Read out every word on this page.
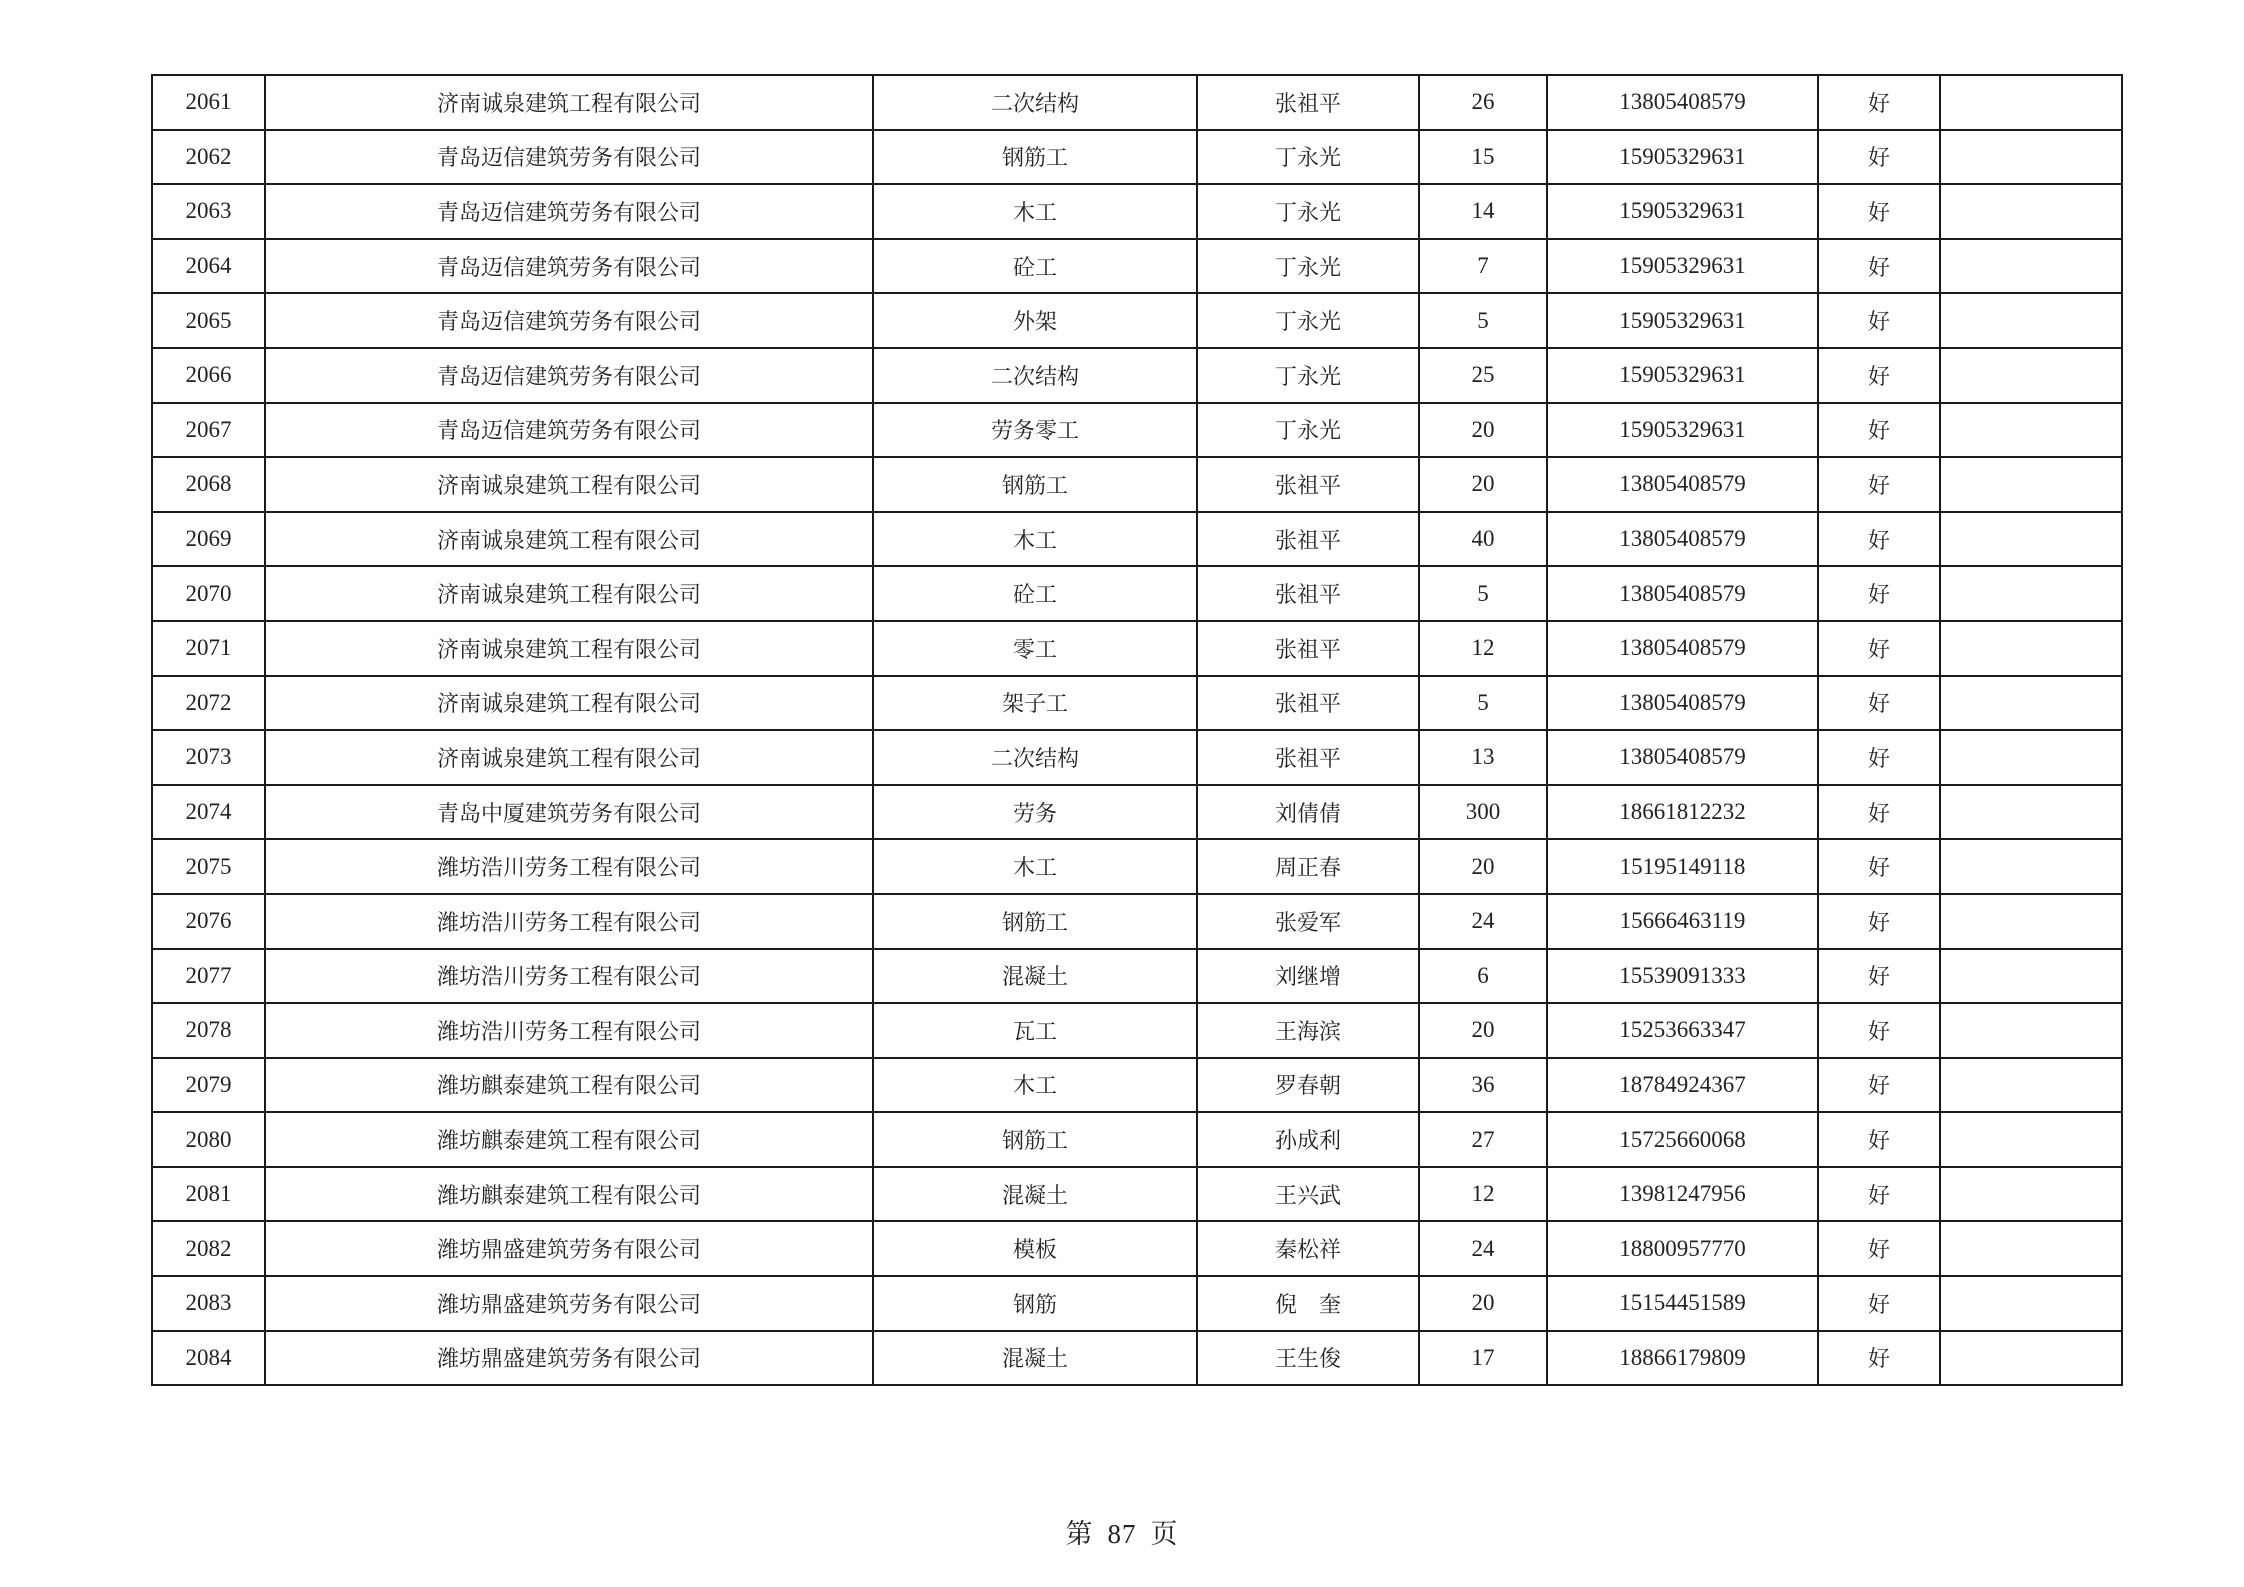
2061	济南诚泉建筑工程有限公司	二次结构	张祖平	26	13805408579	好	
2062	青岛迈信建筑劳务有限公司	钢筋工	丁永光	15	15905329631	好	
2063	青岛迈信建筑劳务有限公司	木工	丁永光	14	15905329631	好	
2064	青岛迈信建筑劳务有限公司	砼工	丁永光	7	15905329631	好	
2065	青岛迈信建筑劳务有限公司	外架	丁永光	5	15905329631	好	
2066	青岛迈信建筑劳务有限公司	二次结构	丁永光	25	15905329631	好	
2067	青岛迈信建筑劳务有限公司	劳务零工	丁永光	20	15905329631	好	
2068	济南诚泉建筑工程有限公司	钢筋工	张祖平	20	13805408579	好	
2069	济南诚泉建筑工程有限公司	木工	张祖平	40	13805408579	好	
2070	济南诚泉建筑工程有限公司	砼工	张祖平	5	13805408579	好	
2071	济南诚泉建筑工程有限公司	零工	张祖平	12	13805408579	好	
2072	济南诚泉建筑工程有限公司	架子工	张祖平	5	13805408579	好	
2073	济南诚泉建筑工程有限公司	二次结构	张祖平	13	13805408579	好	
2074	青岛中厦建筑劳务有限公司	劳务	刘倩倩	300	18661812232	好	
2075	潍坊浩川劳务工程有限公司	木工	周正春	20	15195149118	好	
2076	潍坊浩川劳务工程有限公司	钢筋工	张爱军	24	15666463119	好	
2077	潍坊浩川劳务工程有限公司	混凝土	刘继增	6	15539091333	好	
2078	潍坊浩川劳务工程有限公司	瓦工	王海滨	20	15253663347	好	
2079	潍坊麒泰建筑工程有限公司	木工	罗春朝	36	18784924367	好	
2080	潍坊麒泰建筑工程有限公司	钢筋工	孙成利	27	15725660068	好	
2081	潍坊麒泰建筑工程有限公司	混凝土	王兴武	12	13981247956	好	
2082	潍坊鼎盛建筑劳务有限公司	模板	秦松祥	24	18800957770	好	
2083	潍坊鼎盛建筑劳务有限公司	钢筋	倪　奎	20	15154451589	好	
2084	潍坊鼎盛建筑劳务有限公司	混凝土	王生俊	17	18866179809	好	
第 87 页
